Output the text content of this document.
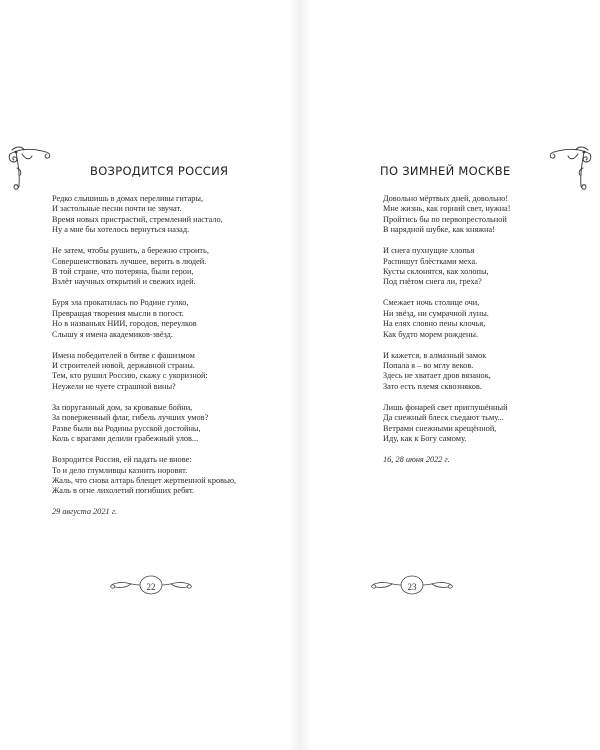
ВОЗРОДИТСЯ РОССИЯ
Редко слышишь в домах переливы гитары,
И застольные песни почти не звучат.
Время новых пристрастий, стремлений настало,
Ну а мне бы хотелось вернуться назад.
Не затем, чтобы рушить, а бережно строить,
Совершенствовать лучшее, верить в людей.
В той стране, что потеряна, были герои,
Взлёт научных открытий и свежих идей.
Буря зла прокатилась по Родине гулко,
Превращая творения мысли в погост.
Но в названьях НИИ, городов, переулков
Слышу я имена академиков-звёзд.
Имена победителей в битве с фашизмом
И строителей новой, державной страны.
Тем, кто рушил Россию, скажу с укоризной:
Неужели не чуете страшной вины?
За поруганный дом, за кровавые бойни,
За поверженный флаг, гибель лучших умов?
Разве были вы Родины русской достойны,
Коль с врагами делили грабежный улов...
Возродится Россия, ей падать не внове:
То и дело глумливцы казнить норовят.
Жаль, что снова алтарь блещет жертвенной кровью,
Жаль в огне лихолетий погибших ребят.
29 августа 2021 г.
22
ПО ЗИМНЕЙ МОСКВЕ
Довольно мёртвых дней, довольно!
Мне жизнь, как горний свет, нужна!
Пройтись бы по первопрестольной
В нарядной шубке, как княжна!
И снега пухнущие хлопья
Распишут блёстками меха.
Кусты склонятся, как холопы,
Под гнётом снега ли, греха?
Смежает ночь столице очи,
Ни звёзд, ни сумрачной луны.
На елях словно пены клочья,
Как будто морем рождены.
И кажется, в алмазный замок
Попала я – во мглу веков.
Здесь не хватает дров вязанок,
Зато есть племя сквозняков.
Лишь фонарей свет приглушённый
Да снежный блеск съедают тьму...
Ветрами снежными крещённой,
Иду, как к Богу самому.
16, 28 июня 2022 г.
23
